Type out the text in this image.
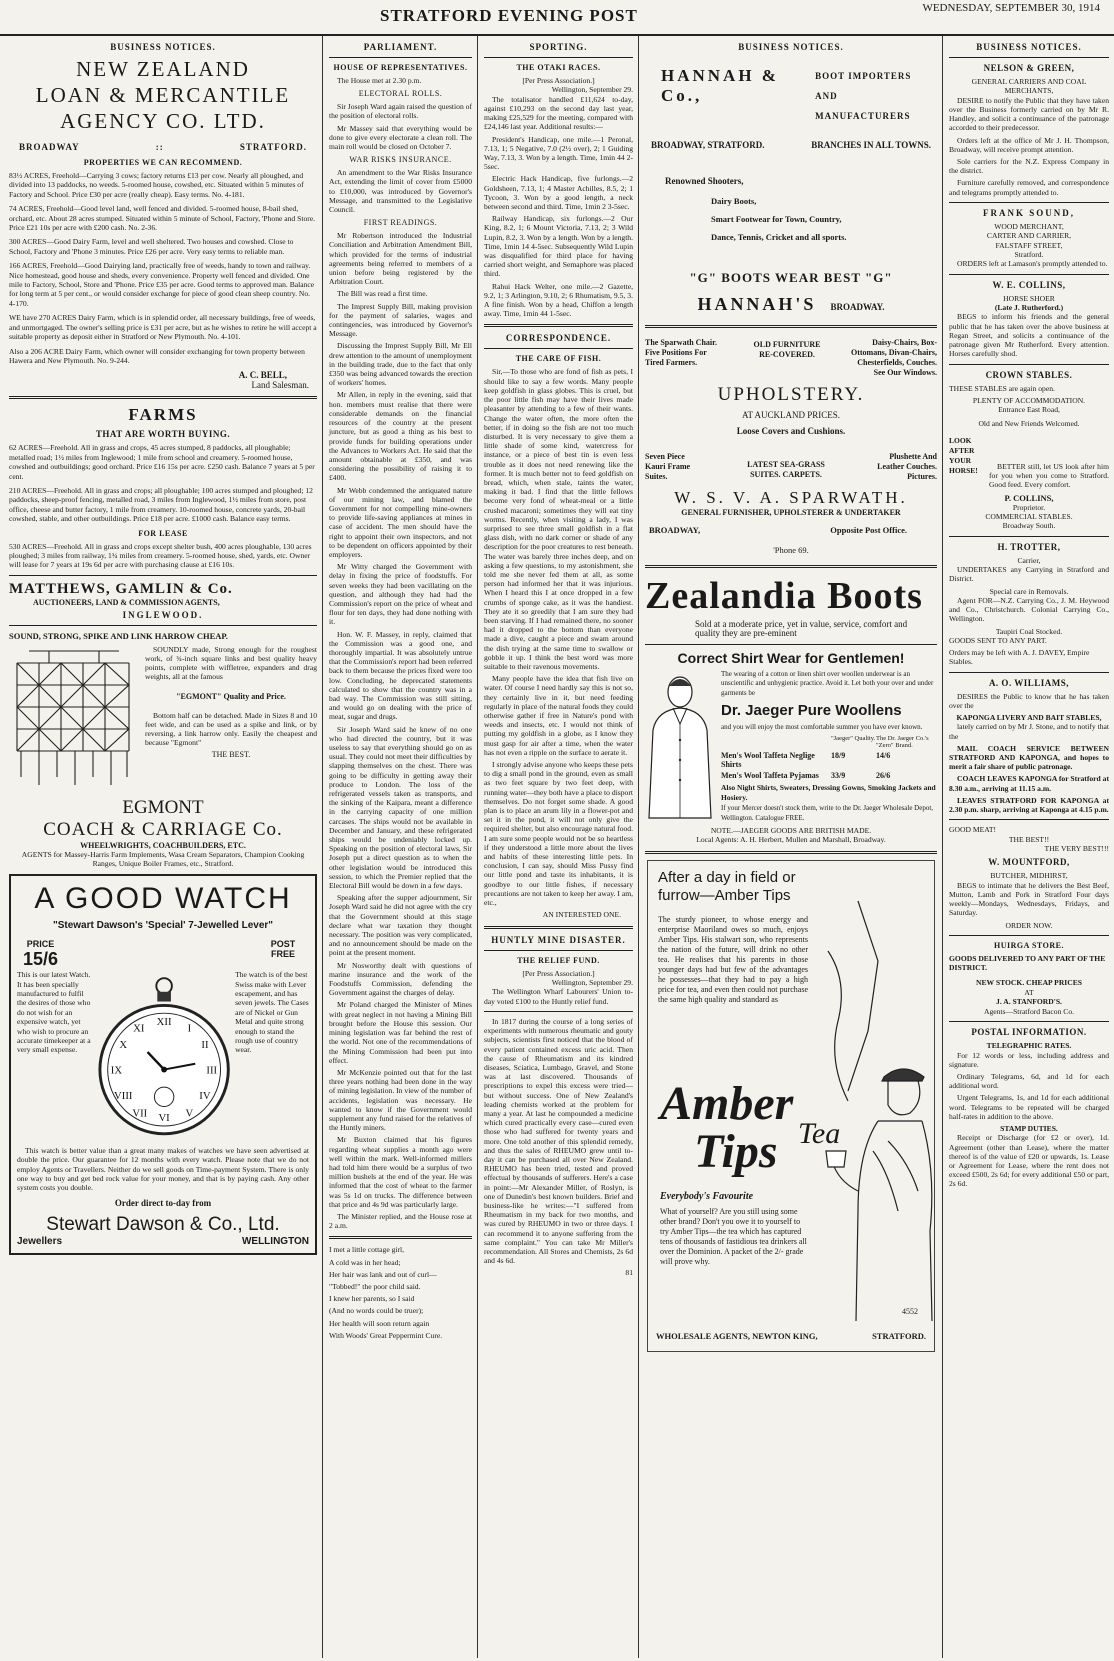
STRATFORD EVENING POST	WEDNESDAY, SEPTEMBER 30, 1914
BUSINESS NOTICES.
NEW ZEALAND
LOAN & MERCANTILE
AGENCY CO. LTD.
BROADWAY	::	STRATFORD.
PROPERTIES WE CAN RECOMMEND.
83½ ACRES, Freehold—Carrying 3 cows; factory returns £13 per cow. Nearly all ploughed, and divided into 13 paddocks, no weeds. 5-roomed house, cowshed, etc. Situated within 5 minutes of Factory and School. Price £30 per acre (really cheap). Easy terms. No. 4-181.
74 ACRES, Freehold—Good level land, well fenced and divided. 5-roomed house, 8-bail shed, orchard, etc. About 28 acres stumped. Situated within 5 minute of School, Factory, 'Phone and Store. Price £21 10s per acre with £200 cash. No. 2-36.
300 ACRES—Good Dairy Farm, level and well sheltered. Two houses and cowshed. Close to School, Factory and 'Phone 3 minutes. Price £26 per acre. Very easy terms to reliable man.
166 ACRES, Freehold—Good Dairying land, practically free of weeds, handy to town and railway. Nice homestead, good house and sheds, every convenience. Property well fenced and divided. One mile to Factory, School, Store and 'Phone. Price £35 per acre. Good terms to approved man. Balance for long term at 5 per cent., or would consider exchange for piece of good clean sheep country. No. 4-170.
WE have 270 ACRES Dairy Farm, which is in splendid order, all necessary buildings, free of weeds, and unmortgaged. The owner's selling price is £31 per acre, but as he wishes to retire he will accept a suitable property as deposit either in Stratford or New Plymouth. No. 4-101.
Also a 206 ACRE Dairy Farm, which owner will consider exchanging for town property between Hawera and New Plymouth. No. 9-244.
A. C. BELL,
Land Salesman.
FARMS
THAT ARE WORTH BUYING.
62 ACRES—Freehold. All in grass and crops, 45 acres stumped, 8 paddocks, all ploughable; metalled road; 1½ miles from Inglewood; 1 mile from school and creamery. 5-roomed house, cowshed and outbuildings; good orchard. Price £16 15s per acre. £250 cash. Balance 7 years at 5 per cent.
210 ACRES—Freehold. All in grass and crops; all ploughable; 100 acres stumped and ploughed; 12 paddocks, sheep-proof fencing, metalled road, 3 miles from Inglewood, 1½ miles from store, post office, cheese and butter factory, 1 mile from creamery. 10-roomed house, concrete yards, 20-bail cowshed, stable, and other outbuildings. Price £18 per acre. £1000 cash. Balance easy terms.
FOR LEASE
530 ACRES—Freehold. All in grass and crops except shelter bush, 400 acres ploughable, 130 acres ploughed; 3 miles from railway, 1¾ miles from creamery. 5-roomed house, shed, yards, etc. Owner will lease for 7 years at 19s 6d per acre with purchasing clause at £16 10s.
MATTHEWS, GAMLIN & Co.
AUCTIONEERS, LAND & COMMISSION AGENTS,
INGLEWOOD.
SOUND, STRONG, SPIKE AND LINK HARROW CHEAP.
SOUNDLY made, Strong enough for the roughest work, of ¾-inch square links and best quality heavy points, complete with wiffletree, expanders and drag weights, all at the famous
"EGMONT" Quality and Price.
Bottom half can be detached. Made in Sizes 8 and 10 feet wide, and can be used as a spike and link, or by reversing, a link harrow only. Easily the cheapest and because "Egmont"
THE BEST.
EGMONT
COACH & CARRIAGE Co.
WHEELWRIGHTS, COACHBUILDERS, ETC.
AGENTS for Massey-Harris Farm Implements, Wasa Cream Separators, Champion Cooking Ranges, Unique Boiler Frames, etc., Stratford.
A GOOD WATCH
"Stewart Dawson's 'Special' 7-Jewelled Lever"
PRICE
15/6
POST FREE
This is our latest Watch. It has been specially manufactured to fulfil the desires of those who do not wish for an expensive watch, yet who wish to procure an accurate timekeeper at a very small expense.
XII
VI
IX	III
I
II
IV
V
VII
VIII
X
XI
The watch is of the best Swiss make with Lever escapement, and has seven jewels. The Cases are of Nickel or Gun Metal and quite strong enough to stand the rough use of country wear.
This watch is better value than a great many makes of watches we have seen advertised at double the price. Our guarantee for 12 months with every watch. Please note that we do not employ Agents or Travellers. Neither do we sell goods on Time-payment System. There is only one way to buy and get bed rock value for your money, and that is by paying cash. Any other system costs you double.
Order direct to-day from
Stewart Dawson & Co., Ltd.
Jewellers	WELLINGTON
PARLIAMENT.
HOUSE OF REPRESENTATIVES.
The House met at 2.30 p.m.
ELECTORAL ROLLS.
Sir Joseph Ward again raised the question of the position of electoral rolls.
Mr Massey said that everything would be done to give every electorate a clean roll. The main roll would be closed on October 7.
WAR RISKS INSURANCE.
An amendment to the War Risks Insurance Act, extending the limit of cover from £5000 to £10,000, was introduced by Governor's Message, and transmitted to the Legislative Council.
FIRST READINGS.
Mr Robertson introduced the Industrial Conciliation and Arbitration Amendment Bill, which provided for the terms of industrial agreements being referred to members of a union before being registered by the Arbitration Court.
The Bill was read a first time.
The Imprest Supply Bill, making provision for the payment of salaries, wages and contingencies, was introduced by Governor's Message.
Discussing the Imprest Supply Bill, Mr Ell drew attention to the amount of unemployment in the building trade, due to the fact that only £350 was being advanced towards the erection of workers' homes.
Mr Allen, in reply in the evening, said that hon. members must realise that there were considerable demands on the financial resources of the country at the present juncture, but as good a thing as his best to provide funds for building operations under the Advances to Workers Act. He said that the amount obtainable at £350, and was considering the possibility of raising it to £400.
Mr Webb condemned the antiquated nature of our mining law, and blamed the Government for not compelling mine-owners to provide life-saving appliances at mines in case of accident. The men should have the right to appoint their own inspectors, and not to be dependent on officers appointed by their employers.
Mr Witty charged the Government with delay in fixing the price of foodstuffs. For seven weeks they had been vacillating on the question, and although they had had the Commission's report on the price of wheat and flour for ten days, they had done nothing with it.
Hon. W. F. Massey, in reply, claimed that the Commission was a good one, and thoroughly impartial. It was absolutely untrue that the Commission's report had been referred back to them because the prices fixed were too low. Concluding, he deprecated statements calculated to show that the country was in a bad way. The Commission was still sitting, and would go on dealing with the price of meat, sugar and drugs.
Sir Joseph Ward said he knew of no one who had directed the country, but it was useless to say that everything should go on as usual. They could not meet their difficulties by slapping themselves on the chest. There was going to be difficulty in getting away their produce to London. The loss of the refrigerated vessels taken as transports, and the sinking of the Kaipara, meant a difference in the carrying capacity of one million carcases. The ships would not be available in December and January, and these refrigerated ships would be undeniably locked up. Speaking on the position of electoral laws, Sir Joseph put a direct question as to when the other legislation would be introduced this session, to which the Premier replied that the Electoral Bill would be down in a few days.
Speaking after the supper adjournment, Sir Joseph Ward said he did not agree with the cry that the Government should at this stage declare what war taxation they thought necessary. The position was very complicated, and no announcement should be made on the point at the present moment.
Mr Nosworthy dealt with questions of marine insurance and the work of the Foodstuffs Commission, defending the Government against the charges of delay.
Mr Poland charged the Minister of Mines with great neglect in not having a Mining Bill brought before the House this session. Our mining legislation was far behind the rest of the world. Not one of the recommendations of the Mining Commission had been put into effect.
Mr McKenzie pointed out that for the last three years nothing had been done in the way of mining legislation. In view of the number of accidents, legislation was necessary. He wanted to know if the Government would supplement any fund raised for the relatives of the Huntly miners.
Mr Buxton claimed that his figures regarding wheat supplies a month ago were well within the mark. Well-informed millers had told him there would be a surplus of two million bushels at the end of the year. He was informed that the cost of wheat to the farmer was 5s 1d on trucks. The difference between that price and 4s 9d was particularly large.
The Minister replied, and the House rose at 2 a.m.
I met a little cottage girl,
A cold was in her head;
Her hair was lank and out of curl—
"Tobbed!" the poor child said.
I knew her parents, so I said
(And no words could be truer);
Her health will soon return again
With Woods' Great Peppermint Cure.
SPORTING.
THE OTAKI RACES.
[Per Press Association.]
Wellington, September 29.
The totalisator handled £11,624 to-day, against £10,293 on the second day last year, making £25,529 for the meeting, compared with £24,146 last year. Additional results:—
President's Handicap, one mile.—1 Peronal, 7.13, 1; 5 Negative, 7.0 (2½ over), 2; 1 Guiding Way, 7.13, 3. Won by a length. Time, 1min 44 2-5sec.
Electric Hack Handicap, five furlongs.—2 Goldsheen, 7.13, 1; 4 Master Achilles, 8.5, 2; 1 Tycoon, 3. Won by a good length, a neck between second and third. Time, 1min 2 3-5sec.
Railway Handicap, six furlongs.—2 Our King, 8.2, 1; 6 Mount Victoria, 7.13, 2; 3 Wild Lupin, 8.2, 3. Won by a length. Won by a length. Time, 1min 14 4-5sec. Subsequently Wild Lupin was disqualified for third place for having carried short weight, and Semaphore was placed third.
Rahui Hack Welter, one mile.—2 Gazette, 9.2, 1; 3 Arlington, 9.10, 2; 6 Rhumatism, 9.5, 3. A fine finish. Won by a head, Chiffon a length away. Time, 1min 44 1-5sec.
CORRESPONDENCE.
THE CARE OF FISH.
Sir,—To those who are fond of fish as pets, I should like to say a few words. Many people keep goldfish in glass globes. This is cruel, but the poor little fish may have their lives made pleasanter by attending to a few of their wants. Change the water often, the more often the better, if in doing so the fish are not too much disturbed. It is very necessary to give them a little shade of some kind, watercress for instance, or a piece of best tin is even less trouble as it does not need renewing like the former. It is much better not to feed goldfish on bread, which, when stale, taints the water, making it bad. I find that the little fellows become very fond of wheat-meal or a little crushed macaroni; sometimes they will eat tiny worms. Recently, when visiting a lady, I was surprised to see three small goldfish in a flat glass dish, with no dark corner or shade of any description for the poor creatures to rest beneath. The water was barely three inches deep, and on asking a few questions, to my astonishment, she told me she never fed them at all, as some person had informed her that it was injurious. When I heard this I at once dropped in a few crumbs of sponge cake, as it was the handiest. They ate it so greedily that I am sure they had been starving. If I had remained there, no sooner had it dropped to the bottom than everyone made a dive, caught a piece and swam around the dish trying at the same time to swallow or gobble it up. I think the best word was more suitable to their ravenous movements.
Many people have the idea that fish live on water. Of course I need hardly say this is not so, they certainly live in it, but need feeding regularly in place of the natural foods they could otherwise gather if free in Nature's pond with weeds and insects, etc. I would not think of putting my goldfish in a globe, as I know they must gasp for air after a time, when the water has not even a ripple on the surface to aerate it.
I strongly advise anyone who keeps these pets to dig a small pond in the ground, even as small as two feet square by two feet deep, with running water—they both have a place to disport themselves. Do not forget some shade. A good plan is to place an arum lily in a flower-pot and set it in the pond, it will not only give the required shelter, but also encourage natural food. I am sure some people would not be so heartless if they understood a little more about the lives and habits of these interesting little pets. In conclusion, I can say, should Miss Pussy find our little pond and taste its inhabitants, it is goodbye to our little fishes, if necessary precautions are not taken to keep her away. I am, etc.,
AN INTERESTED ONE.
HUNTLY MINE DISASTER.
THE RELIEF FUND.
[Per Press Association.]
Wellington, September 29.
The Wellington Wharf Labourers' Union to-day voted £100 to the Huntly relief fund.
In 1817 during the course of a long series of experiments with numerous rheumatic and gouty subjects, scientists first noticed that the blood of every patient contained excess uric acid. Then the cause of Rheumatism and its kindred diseases, Sciatica, Lumbago, Gravel, and Stone was at last discovered. Thousands of prescriptions to expel this excess were tried—but without success. One of New Zealand's leading chemists worked at the problem for many a year. At last he compounded a medicine which cured practically every case—cured even those who had suffered for twenty years and more. One told another of this splendid remedy, and thus the sales of RHEUMO grew until to-day it can be purchased all over New Zealand. RHEUMO has been tried, tested and proved effectual by thousands of sufferers. Here's a case in point:—Mr Alexander Miller, of Roslyn, is one of Dunedin's best known builders. Brief and business-like he writes:—"I suffered from Rheumatism in my back for two months, and was cured by RHEUMO in two or three days. I can recommend it to anyone suffering from the same complaint." You can take Mr Miller's recommendation. All Stores and Chemists, 2s 6d and 4s 6d.
81
BUSINESS NOTICES.
HANNAH & Co.,
BOOT IMPORTERS
AND
MANUFACTURERS
BROADWAY, STRATFORD.	BRANCHES IN ALL TOWNS.
Renowned Shooters,
Dairy Boots,
Smart Footwear for Town, Country,
Dance, Tennis, Cricket and all sports.
"G" BOOTS WEAR BEST "G"
HANNAH'S BROADWAY.
The Sparwath Chair. Five Positions For Tired Farmers.
OLD FURNITURE RE-COVERED.
Daisy-Chairs, Box-Ottomans, Divan-Chairs, Chesterfields, Couches. See Our Windows.
UPHOLSTERY.
AT AUCKLAND PRICES.
Loose Covers and Cushions.
Seven Piece Kauri Frame Suites.
LATEST SEA-GRASS SUITES. CARPETS.
Plushette And Leather Couches. Pictures.
W. S. V. A. SPARWATH.
GENERAL FURNISHER, UPHOLSTERER & UNDERTAKER
BROADWAY,	Opposite Post Office.
'Phone 69.
Zealandia Boots
Sold at a moderate price, yet in value, service, comfort and quality they are pre-eminent
Correct Shirt Wear for Gentlemen!
The wearing of a cotton or linen shirt over woollen underwear is an unscientific and unhygienic practice. Avoid it. Let both your over and under garments be
Dr. Jaeger Pure Woollens
and you will enjoy the most comfortable summer you have ever known.
"Jaeger" Quality. The Dr. Jaeger Co.'s "Zero" Brand.
Men's Wool Taffeta Neglige Shirts
18/9	14/6
Men's Wool Taffeta Pyjamas	33/9	26/6
Also Night Shirts, Sweaters, Dressing Gowns, Smoking Jackets and Hosiery.
If your Mercer doesn't stock them, write to the Dr. Jaeger Wholesale Depot, Wellington. Catalogue FREE.
NOTE.—JAEGER GOODS ARE BRITISH MADE.
Local Agents: A. H. Herbert, Mullen and Marshall, Broadway.
After a day in field or furrow—Amber Tips
The sturdy pioneer, to whose energy and enterprise Maoriland owes so much, enjoys Amber Tips. His stalwart son, who represents the nation of the future, will drink no other tea. He realises that his parents in those younger days had but few of the advantages he possesses—that they had to pay a high price for tea, and even then could not purchase the same high quality and standard as
Amber
Tips Tea
Everybody's Favourite
What of yourself? Are you still using some other brand? Don't you owe it to yourself to try Amber Tips—the tea which has captured tens of thousands of fastidious tea drinkers all over the Dominion. A packet of the 2/- grade will prove why.
4552
WHOLESALE AGENTS, NEWTON KING,	STRATFORD.
BUSINESS NOTICES.
NELSON & GREEN,
GENERAL CARRIERS AND COAL MERCHANTS,
DESIRE to notify the Public that they have taken over the Business formerly carried on by Mr R. Handley, and solicit a continuance of the patronage accorded to their predecessor.
Orders left at the office of Mr J. H. Thompson, Broadway, will receive prompt attention.
Sole carriers for the N.Z. Express Company in the district.
Furniture carefully removed, and correspondence and telegrams promptly attended to.
FRANK SOUND,
WOOD MERCHANT,
CARTER AND CARRIER,
FALSTAFF STREET,
Stratford.
ORDERS left at Lamason's promptly attended to.
W. E. COLLINS,
HORSE SHOER
(Late J. Rutherford.)
BEGS to inform his friends and the general public that he has taken over the above business at Regan Street, and solicits a continuance of the patronage given Mr Rutherford. Every attention. Horses carefully shod.
CROWN STABLES.
THESE STABLES are again open.
PLENTY OF ACCOMMODATION.
Entrance East Road,
Old and New Friends Welcomed.
LOOK AFTER YOUR HORSE!	BETTER still, let US look after him for you when you come to Stratford. Good feed. Every comfort.
P. COLLINS,
Proprietor.
COMMERCIAL STABLES.
Broadway South.
H. TROTTER,
Carrier,
UNDERTAKES any Carrying in Stratford and District.
Special care in Removals.
Agent FOR—N.Z. Carrying Co., J. M. Heywood and Co., Christchurch. Colonial Carrying Co., Wellington.
Taupiri Coal Stocked.
GOODS SENT TO ANY PART.
Orders may be left with A. J. DAVEY, Empire Stables.
A. O. WILLIAMS,
DESIRES the Public to know that he has taken over the
KAPONGA LIVERY AND BAIT STABLES,
lately carried on by Mr J. Stone, and to notify that the
MAIL COACH SERVICE BETWEEN STRATFORD AND KAPONGA, and hopes to merit a fair share of public patronage.
COACH LEAVES KAPONGA for Stratford at 8.30 a.m., arriving at 11.15 a.m.
LEAVES STRATFORD FOR KAPONGA at 2.30 p.m. sharp, arriving at Kaponga at 4.15 p.m.
GOOD MEAT!
THE BEST!!
THE VERY BEST!!!
W. MOUNTFORD,
BUTCHER, MIDHIRST,
BEGS to intimate that he delivers the Best Beef, Mutton, Lamb and Pork in Stratford Four days weekly—Mondays, Wednesdays, Fridays, and Saturday.
ORDER NOW.
HUIRGA STORE.
GOODS DELIVERED TO ANY PART OF THE DISTRICT.
NEW STOCK. CHEAP PRICES
AT
J. A. STANFORD'S.
Agents—Stratford Bacon Co.
POSTAL INFORMATION.
TELEGRAPHIC RATES.
For 12 words or less, including address and signature.
Ordinary Telegrams, 6d, and 1d for each additional word.
Urgent Telegrams, 1s, and 1d for each additional word. Telegrams to be repeated will be charged half-rates in addition to the above.
STAMP DUTIES.
Receipt or Discharge (for £2 or over), 1d. Agreement (other than Lease), where the matter thereof is of the value of £20 or upwards, 1s. Lease or Agreement for Lease, where the rent does not exceed £500, 2s 6d; for every additional £50 or part, 2s 6d.
